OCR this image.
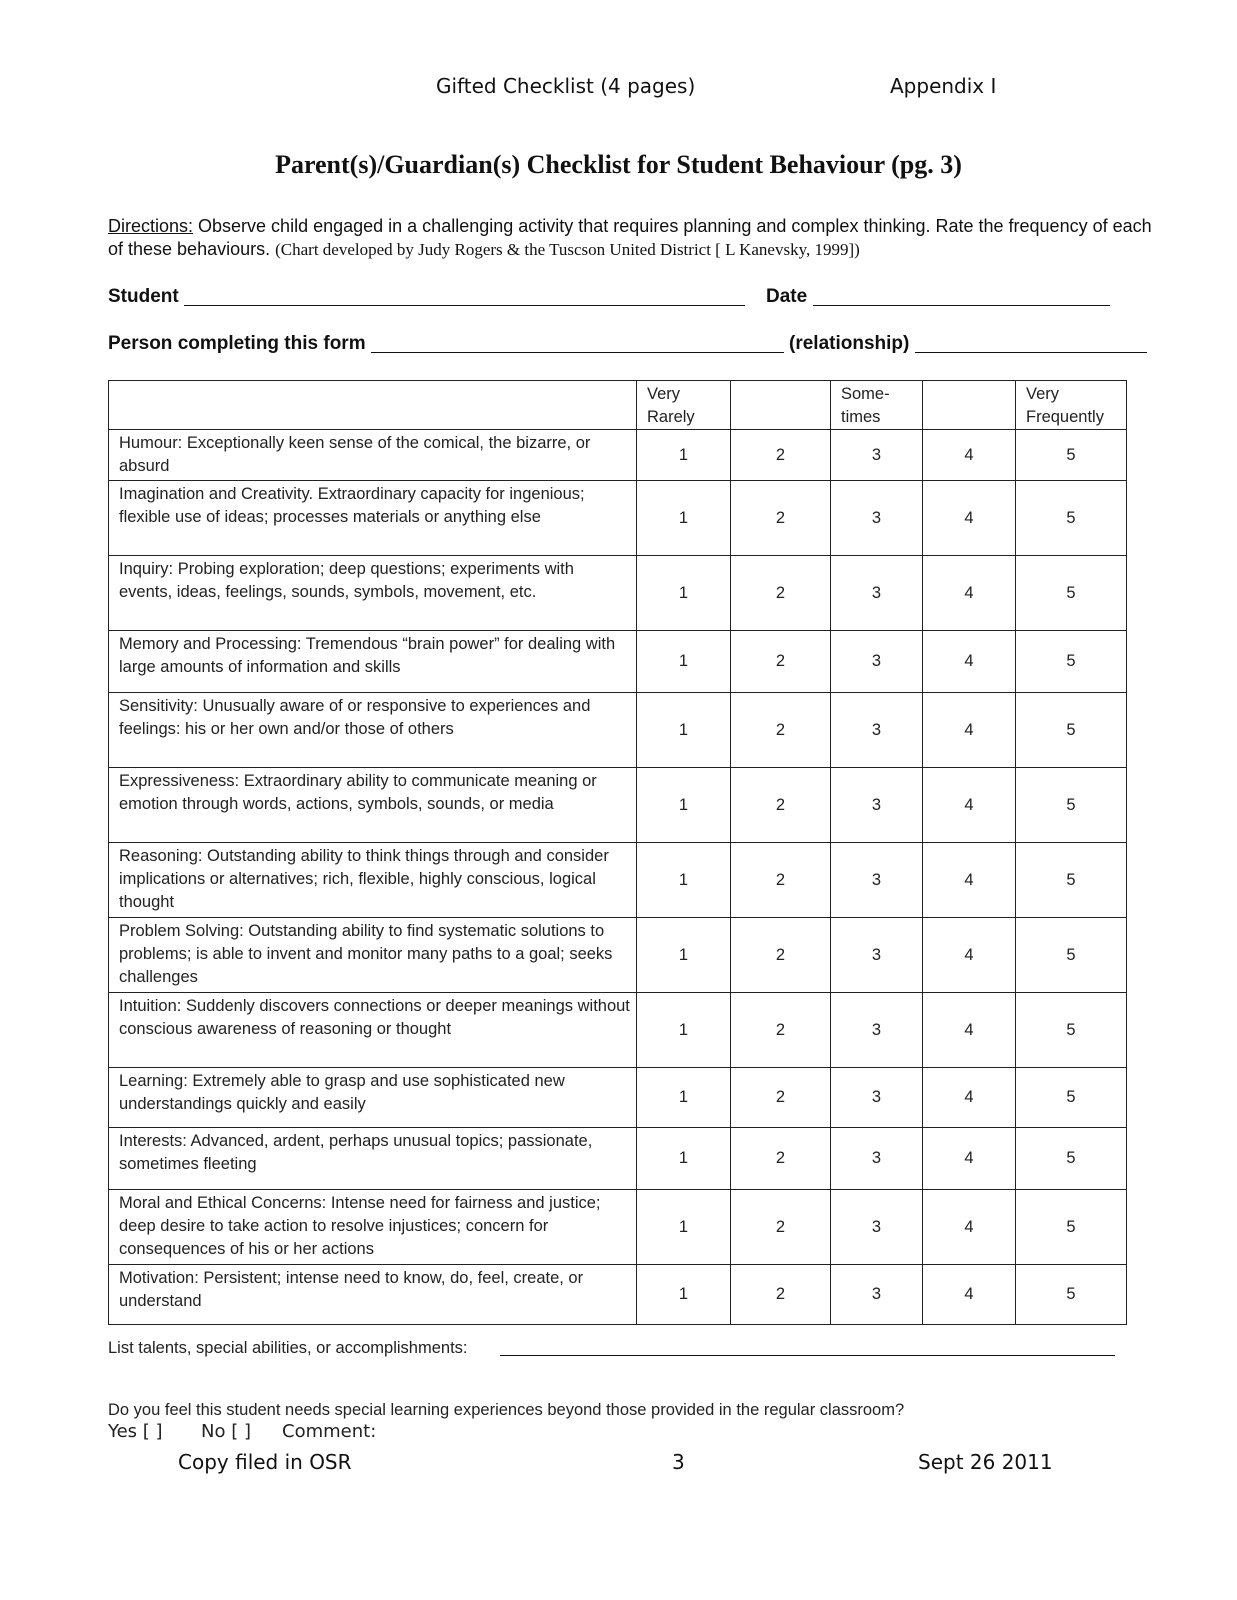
Gifted Checklist (4 pages)	Appendix I
Parent(s)/Guardian(s) Checklist for Student Behaviour (pg. 3)
Directions: Observe child engaged in a challenging activity that requires planning and complex thinking. Rate the frequency of each of these behaviours. (Chart developed by Judy Rogers & the Tuscson United District [ L Kanevsky, 1999])
Student	Date
Person completing this form	(relationship)
	Very Rarely		Some- times		Very Frequently
Humour: Exceptionally keen sense of the comical, the bizarre, or absurd	1	2	3	4	5
Imagination and Creativity. Extraordinary capacity for ingenious; flexible use of ideas; processes materials or anything else	1	2	3	4	5
Inquiry: Probing exploration; deep questions; experiments with events, ideas, feelings, sounds, symbols, movement, etc.	1	2	3	4	5
Memory and Processing: Tremendous “brain power” for dealing with large amounts of information and skills	1	2	3	4	5
Sensitivity: Unusually aware of or responsive to experiences and feelings: his or her own and/or those of others	1	2	3	4	5
Expressiveness: Extraordinary ability to communicate meaning or emotion through words, actions, symbols, sounds, or media	1	2	3	4	5
Reasoning: Outstanding ability to think things through and consider implications or alternatives; rich, flexible, highly conscious, logical thought	1	2	3	4	5
Problem Solving: Outstanding ability to find systematic solutions to problems; is able to invent and monitor many paths to a goal; seeks challenges	1	2	3	4	5
Intuition: Suddenly discovers connections or deeper meanings without conscious awareness of reasoning or thought	1	2	3	4	5
Learning: Extremely able to grasp and use sophisticated new understandings quickly and easily	1	2	3	4	5
Interests: Advanced, ardent, perhaps unusual topics; passionate, sometimes fleeting	1	2	3	4	5
Moral and Ethical Concerns: Intense need for fairness and justice; deep desire to take action to resolve injustices; concern for consequences of his or her actions	1	2	3	4	5
Motivation: Persistent; intense need to know, do, feel, create, or understand	1	2	3	4	5
List talents, special abilities, or accomplishments:
Do you feel this student needs special learning experiences beyond those provided in the regular classroom?
Yes [ ] No [ ] Comment:
Copy filed in OSR	3	Sept 26 2011
